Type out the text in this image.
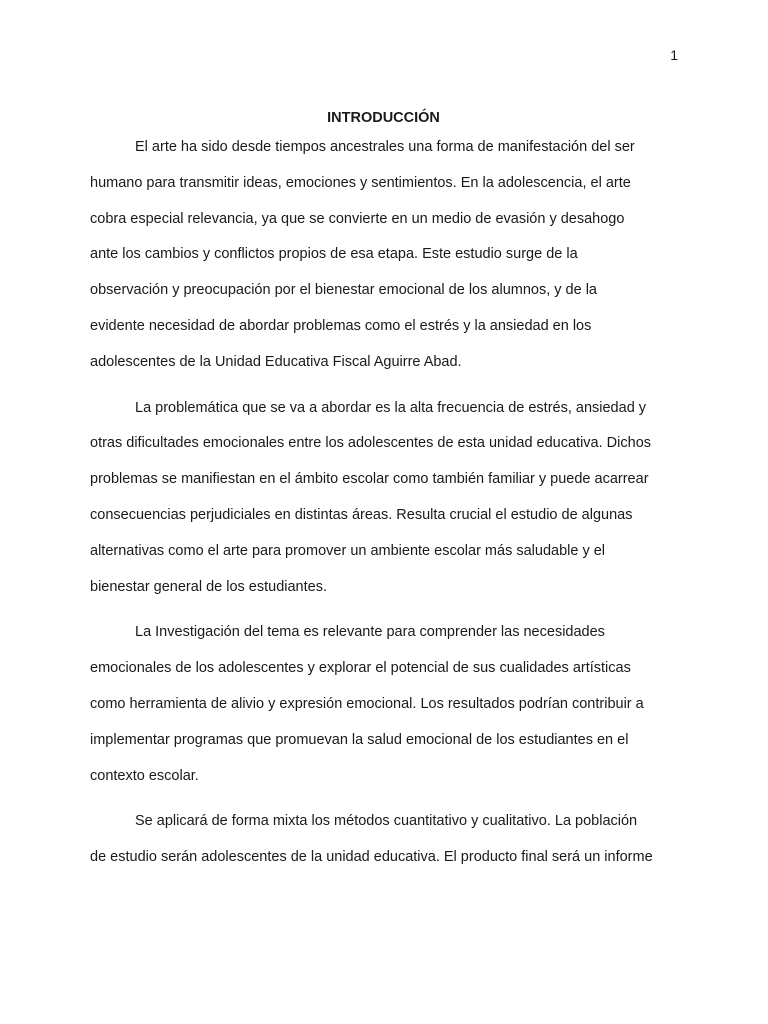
1
INTRODUCCIÓN

El arte ha sido desde tiempos ancestrales una forma de manifestación del ser
humano para transmitir ideas, emociones y sentimientos. En la adolescencia, el arte
cobra especial relevancia, ya que se convierte en un medio de evasión y desahogo
ante los cambios y conflictos propios de esa etapa. Este estudio surge de la
observación y preocupación por el bienestar emocional de los alumnos, y de la
evidente necesidad de abordar problemas como el estrés y la ansiedad en los
adolescentes de la Unidad Educativa Fiscal Aguirre Abad.

La problemática que se va a abordar es la alta frecuencia de estrés, ansiedad y
otras dificultades emocionales entre los adolescentes de esta unidad educativa. Dichos
problemas se manifiestan en el ámbito escolar como también familiar y puede acarrear
consecuencias perjudiciales en distintas áreas. Resulta crucial el estudio de algunas
alternativas como el arte para promover un ambiente escolar más saludable y el
bienestar general de los estudiantes.

La Investigación del tema es relevante para comprender las necesidades
emocionales de los adolescentes y explorar el potencial de sus cualidades artísticas
como herramienta de alivio y expresión emocional. Los resultados podrían contribuir a
implementar programas que promuevan la salud emocional de los estudiantes en el
contexto escolar.

Se aplicará de forma mixta los métodos cuantitativo y cualitativo. La población
de estudio serán adolescentes de la unidad educativa. El producto final será un informe
